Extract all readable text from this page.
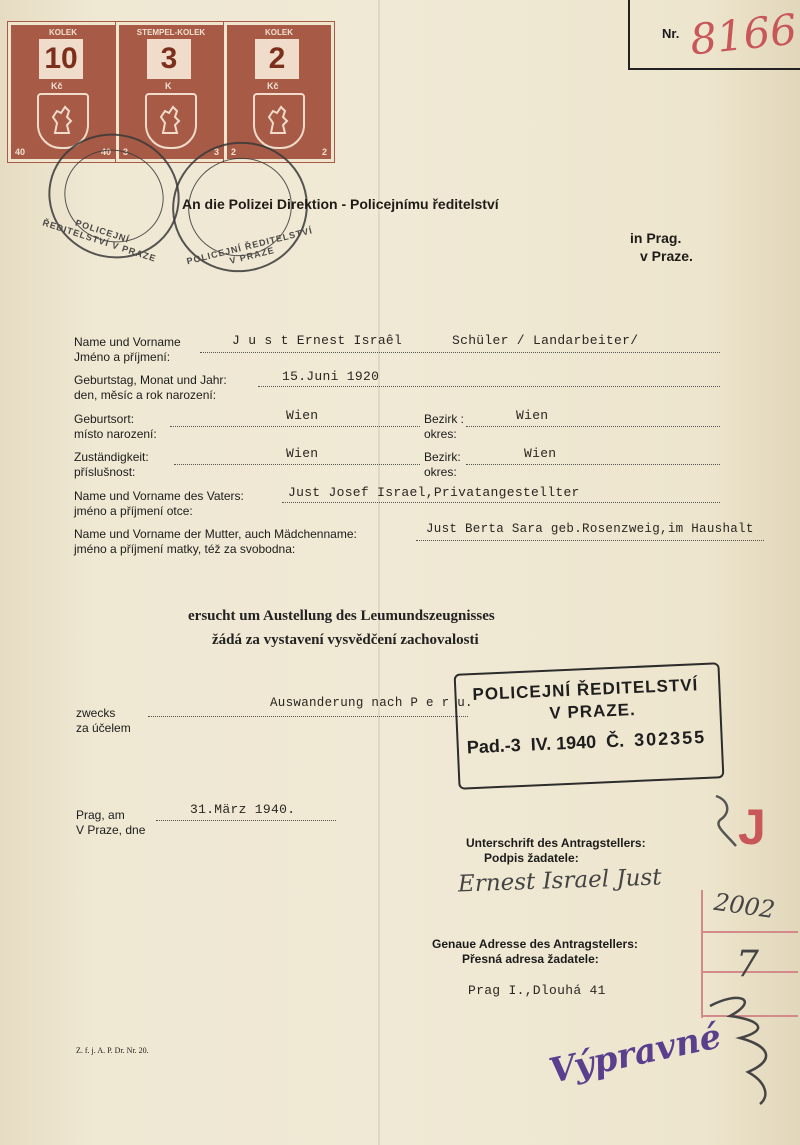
Nr. 8166
KOLEK
10
Kč
40	40
STEMPEL-KOLEK
3
K
3	3
KOLEK
2
Kč
2	2
POLICEJNÍ ŘEDITELSTVÍ V PRAZE	POLICEJNÍ ŘEDITELSTVÍ V PRAZE
An die Polizei Direktion - Policejnímu ředitelství
in Prag.
v Praze.
Name und Vorname
Jméno a příjmení:
J u s t Ernest Israêl	Schüler / Landarbeiter/
Geburtstag, Monat und Jahr:
den, měsíc a rok narození:
15.Juni 1920
Geburtsort:
místo narození:
Wien	Bezirk :
okres:
Wien
Zuständigkeit:
příslušnost:
Wien	Bezirk:
okres:
Wien
Name und Vorname des Vaters:
jméno a příjmení otce:
Just Josef Israel,Privatangestellter
Name und Vorname der Mutter, auch Mädchenname:
jméno a příjmení matky, též za svobodna:
Just Berta Sara geb.Rosenzweig,im Haushalt
ersucht um Austellung des Leumundszeugnisses
žádá za vystavení vysvědčení zachovalosti
zwecks
za účelem
Auswanderung nach P e r u. POLICEJNÍ ŘEDITELSTVÍ
V PRAZE.
Pad.-3 IV. 1940 Č. 302355
Prag, am
V Praze, dne
31.März 1940.
Unterschrift des Antragstellers:
Podpis žadatele:
Ernest Israel Just
Genaue Adresse des Antragstellers:
Přesná adresa žadatele:
Prag I.,Dlouhá 41
J
2002
7
Výpravné
Z. f. j. A. P. Dr. Nr. 20.
